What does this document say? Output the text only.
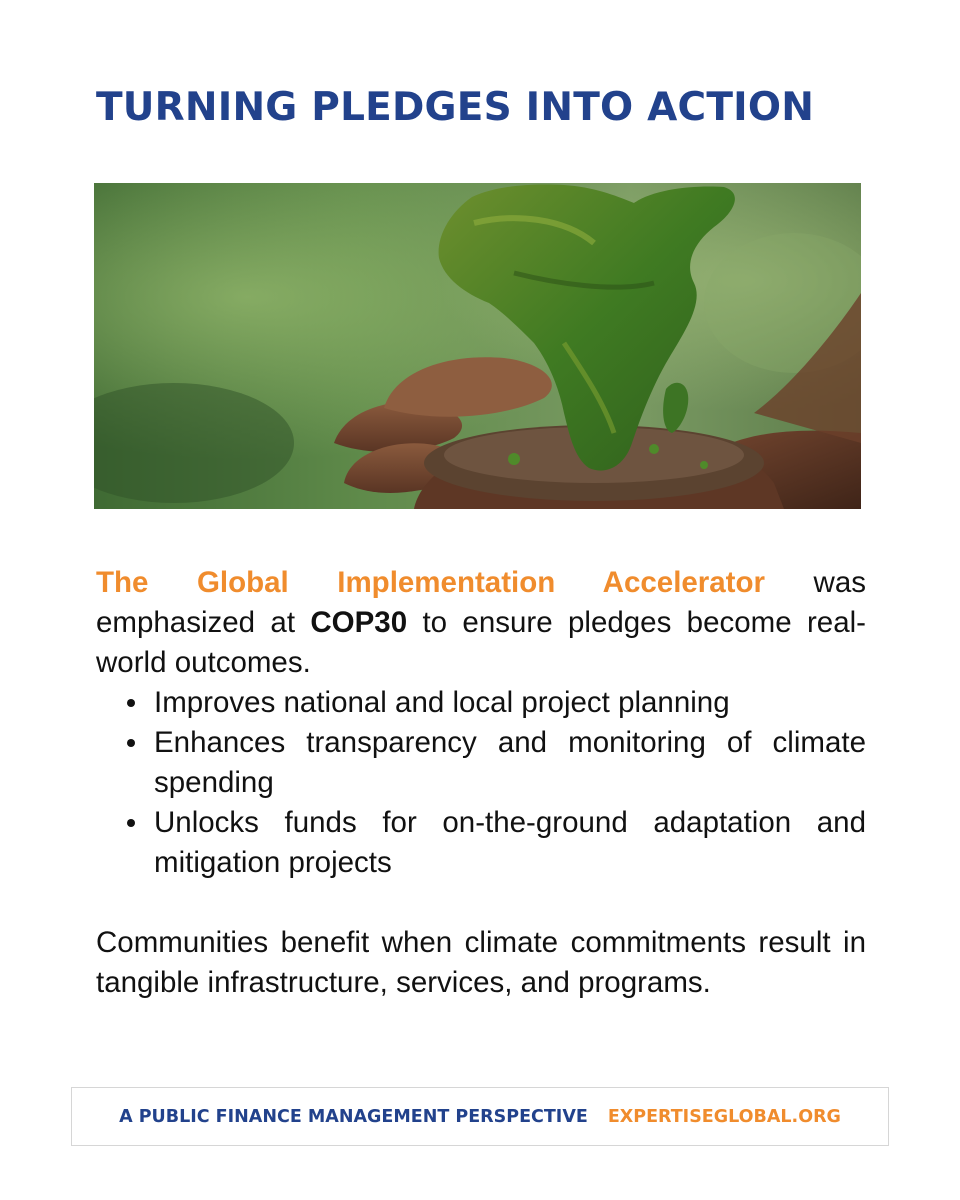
TURNING PLEDGES INTO ACTION

The Global Implementation Accelerator was emphasized at COP30 to ensure pledges become real-world outcomes.

Improves national and local project planning
Enhances transparency and monitoring of climate spending
Unlocks funds for on-the-ground adaptation and mitigation projects

Communities benefit when climate commitments result in tangible infrastructure, services, and programs.

A PUBLIC FINANCE MANAGEMENT PERSPECTIVE EXPERTISEGLOBAL.ORG
